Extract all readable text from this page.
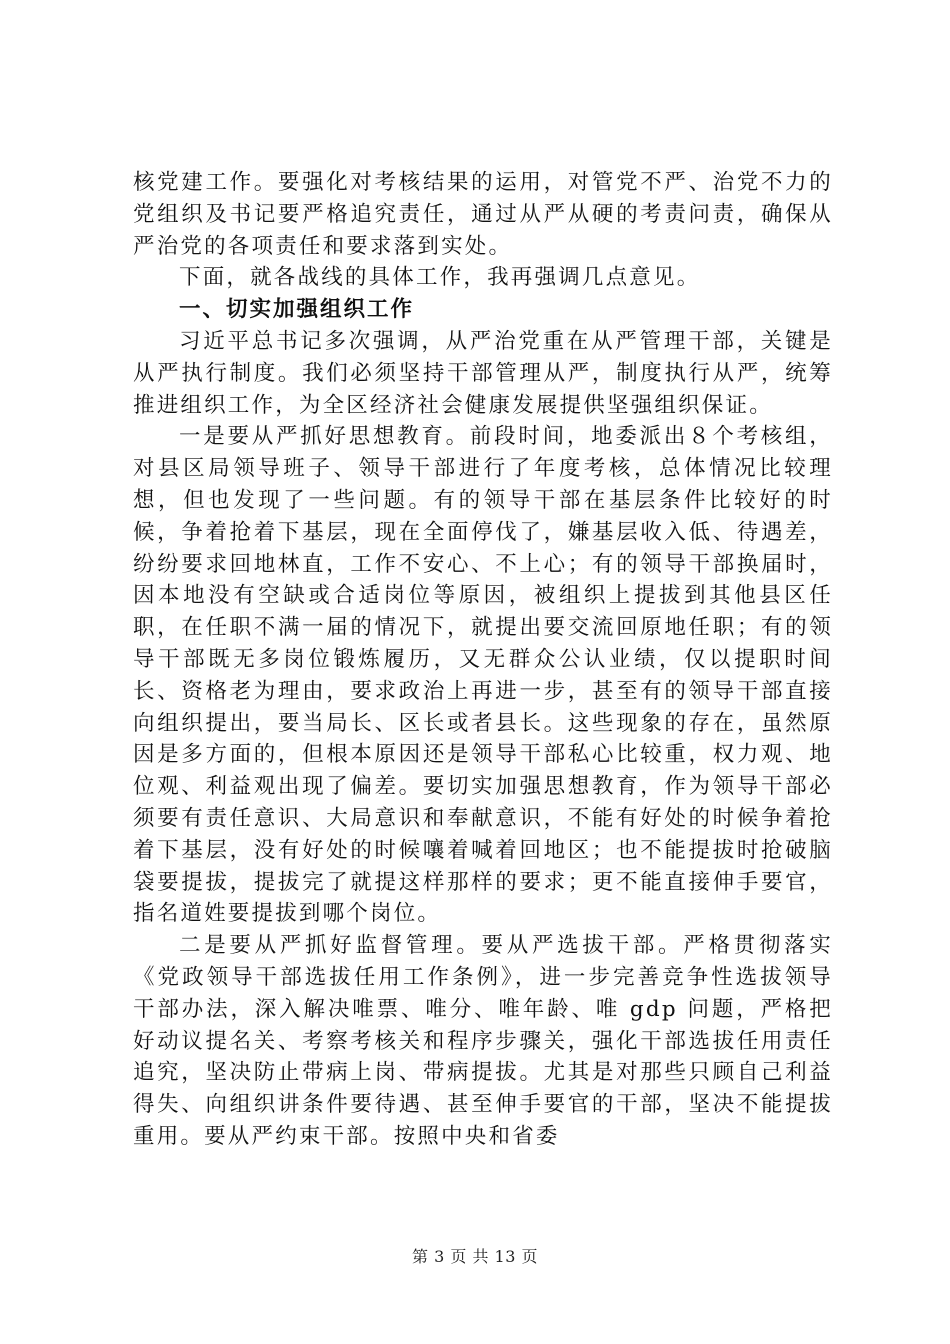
核党建工作。要强化对考核结果的运用，对管党不严、治党不力的党组织及书记要严格追究责任，通过从严从硬的考责问责，确保从严治党的各项责任和要求落到实处。

下面，就各战线的具体工作，我再强调几点意见。

一、切实加强组织工作

习近平总书记多次强调，从严治党重在从严管理干部，关键是从严执行制度。我们必须坚持干部管理从严，制度执行从严，统筹推进组织工作，为全区经济社会健康发展提供坚强组织保证。

一是要从严抓好思想教育。前段时间，地委派出８个考核组，对县区局领导班子、领导干部进行了年度考核，总体情况比较理想，但也发现了一些问题。有的领导干部在基层条件比较好的时候，争着抢着下基层，现在全面停伐了，嫌基层收入低、待遇差，纷纷要求回地林直，工作不安心、不上心；有的领导干部换届时，因本地没有空缺或合适岗位等原因，被组织上提拔到其他县区任职，在任职不满一届的情况下，就提出要交流回原地任职；有的领导干部既无多岗位锻炼履历，又无群众公认业绩，仅以提职时间长、资格老为理由，要求政治上再进一步，甚至有的领导干部直接向组织提出，要当局长、区长或者县长。这些现象的存在，虽然原因是多方面的，但根本原因还是领导干部私心比较重，权力观、地位观、利益观出现了偏差。要切实加强思想教育，作为领导干部必须要有责任意识、大局意识和奉献意识，不能有好处的时候争着抢着下基层，没有好处的时候嚷着喊着回地区；也不能提拔时抢破脑袋要提拔，提拔完了就提这样那样的要求；更不能直接伸手要官，指名道姓要提拔到哪个岗位。

二是要从严抓好监督管理。要从严选拔干部。严格贯彻落实《党政领导干部选拔任用工作条例》，进一步完善竞争性选拔领导干部办法，深入解决唯票、唯分、唯年龄、唯 gdp 问题，严格把好动议提名关、考察考核关和程序步骤关，强化干部选拔任用责任追究，坚决防止带病上岗、带病提拔。尤其是对那些只顾自己利益得失、向组织讲条件要待遇、甚至伸手要官的干部，坚决不能提拔重用。要从严约束干部。按照中央和省委

第 3 页 共 13 页
